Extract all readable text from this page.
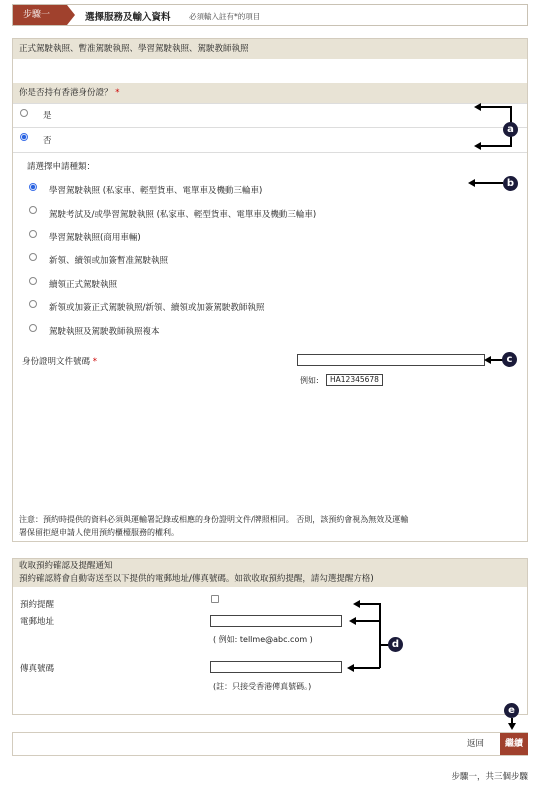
步驟一	選擇服務及輸入資料 必須輸入註有*的項目
正式駕駛執照、暫准駕駛執照、學習駕駛執照、駕駛教師執照
你是否持有香港身份證？ *
是
否
請選擇申請種類：
學習駕駛執照 (私家車、輕型貨車、電單車及機動三輪車)
駕駛考試及/或學習駕駛執照 (私家車、輕型貨車、電單車及機動三輪車)
學習駕駛執照(商用車輛)
新領、續領或加簽暫准駕駛執照
續領正式駕駛執照
新領或加簽正式駕駛執照/新領、續領或加簽駕駛教師執照
駕駛執照及駕駛教師執照複本
身份證明文件號碼 *
例如:	HA12345678
注意：預約時提供的資料必須與運輸署記錄或相應的身份證明文件/牌照相同。 否則，該預約會視為無效及運輸
署保留拒絕申請人使用預約櫃檯服務的權利。
收取預約確認及提醒通知
預約確認將會自動寄送至以下提供的電郵地址/傳真號碼。如欲收取預約提醒，請勾選提醒方格)
預約提醒
電郵地址
( 例如: tellme@abc.com )
傳真號碼
(註：只接受香港傳真號碼。)
返回	繼續
步驟一，共三個步驟
a
b
c
d
e
